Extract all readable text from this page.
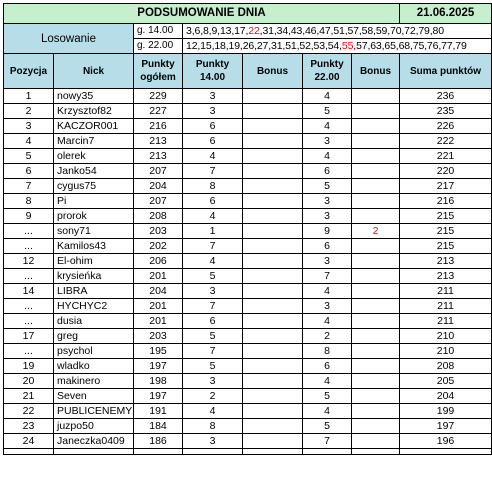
PODSUMOWANIE DNIA							21.06.2025
Losowanie		g. 14.00	3,6,8,9,13,17,22,31,34,43,46,47,51,57,58,59,70,72,79,80				
		g. 22.00	12,15,18,19,26,27,31,51,52,53,54,55,57,63,65,68,75,76,77,79				
Pozycja	Nick	Punkty ogółem	Punkty 14.00	Bonus	Punkty 22.00	Bonus	Suma punktów
1	nowy35	229	3		4		236
2	Krzysztof82	227	3		5		235
3	KACZOR001	216	6		4		226
4	Marcin7	213	6		3		222
5	olerek	213	4		4		221
6	Janko54	207	7		6		220
7	cygus75	204	8		5		217
8	Pi	207	6		3		216
9	prorok	208	4		3		215
...	sony71	203	1		9	2	215
...	Kamilos43	202	7		6		215
12	El-ohim	206	4		3		213
...	krysieńka	201	5		7		213
14	LIBRA	204	3		4		211
...	HYCHYC2	201	7		3		211
...	dusia	201	6		4		211
17	greg	203	5		2		210
...	psychol	195	7		8		210
19	wladko	197	5		6		208
20	makinero	198	3		4		205
21	Seven	197	2		5		204
22	PUBLICENEMY	191	4		4		199
23	juzpo50	184	8		5		197
24	Janeczka0409	186	3		7		196
